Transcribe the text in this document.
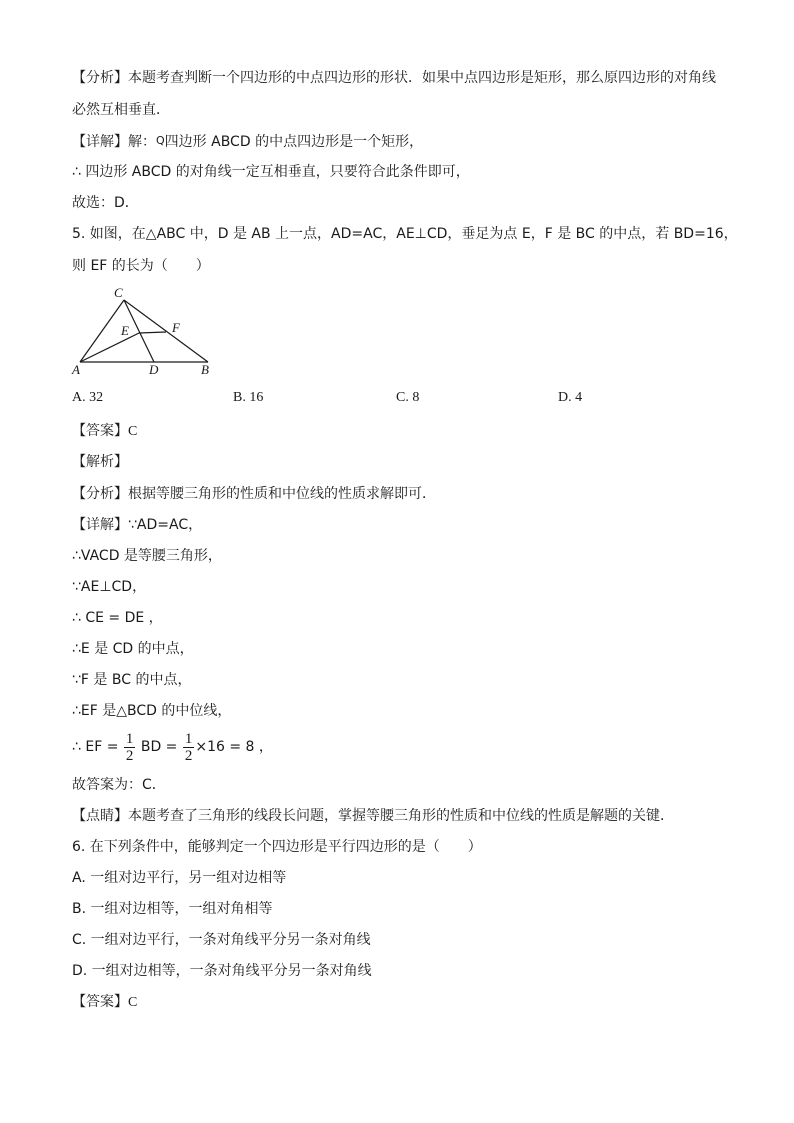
【分析】本题考查判断一个四边形的中点四边形的形状．如果中点四边形是矩形，那么原四边形的对角线
必然互相垂直．
【详解】解：Q四边形 ABCD 的中点四边形是一个矩形，
∴ 四边形 ABCD 的对角线一定互相垂直，只要符合此条件即可，
故选：D．
5. 如图，在△ABC 中，D 是 AB 上一点，AD=AC，AE⊥CD，垂足为点 E，F 是 BC 的中点，若 BD=16，
则 EF 的长为（　　）
C
E	F
A	D	B
A. 32	B. 16	C. 8	D. 4
【答案】C
【解析】
【分析】根据等腰三角形的性质和中位线的性质求解即可．
【详解】∵AD=AC，
∴VACD 是等腰三角形，
∵AE⊥CD，
∴ CE = DE ，
∴E 是 CD 的中点，
∵F 是 BC 的中点，
∴EF 是△BCD 的中位线，
∴ EF = $\frac{1}{2}$ BD = $\frac{1}{2} \times 16 = 8$ ，
故答案为：C．
【点睛】本题考查了三角形的线段长问题，掌握等腰三角形的性质和中位线的性质是解题的关键．
6. 在下列条件中，能够判定一个四边形是平行四边形的是（　　）
A. 一组对边平行，另一组对边相等
B. 一组对边相等，一组对角相等
C. 一组对边平行，一条对角线平分另一条对角线
D. 一组对边相等，一条对角线平分另一条对角线
【答案】C
